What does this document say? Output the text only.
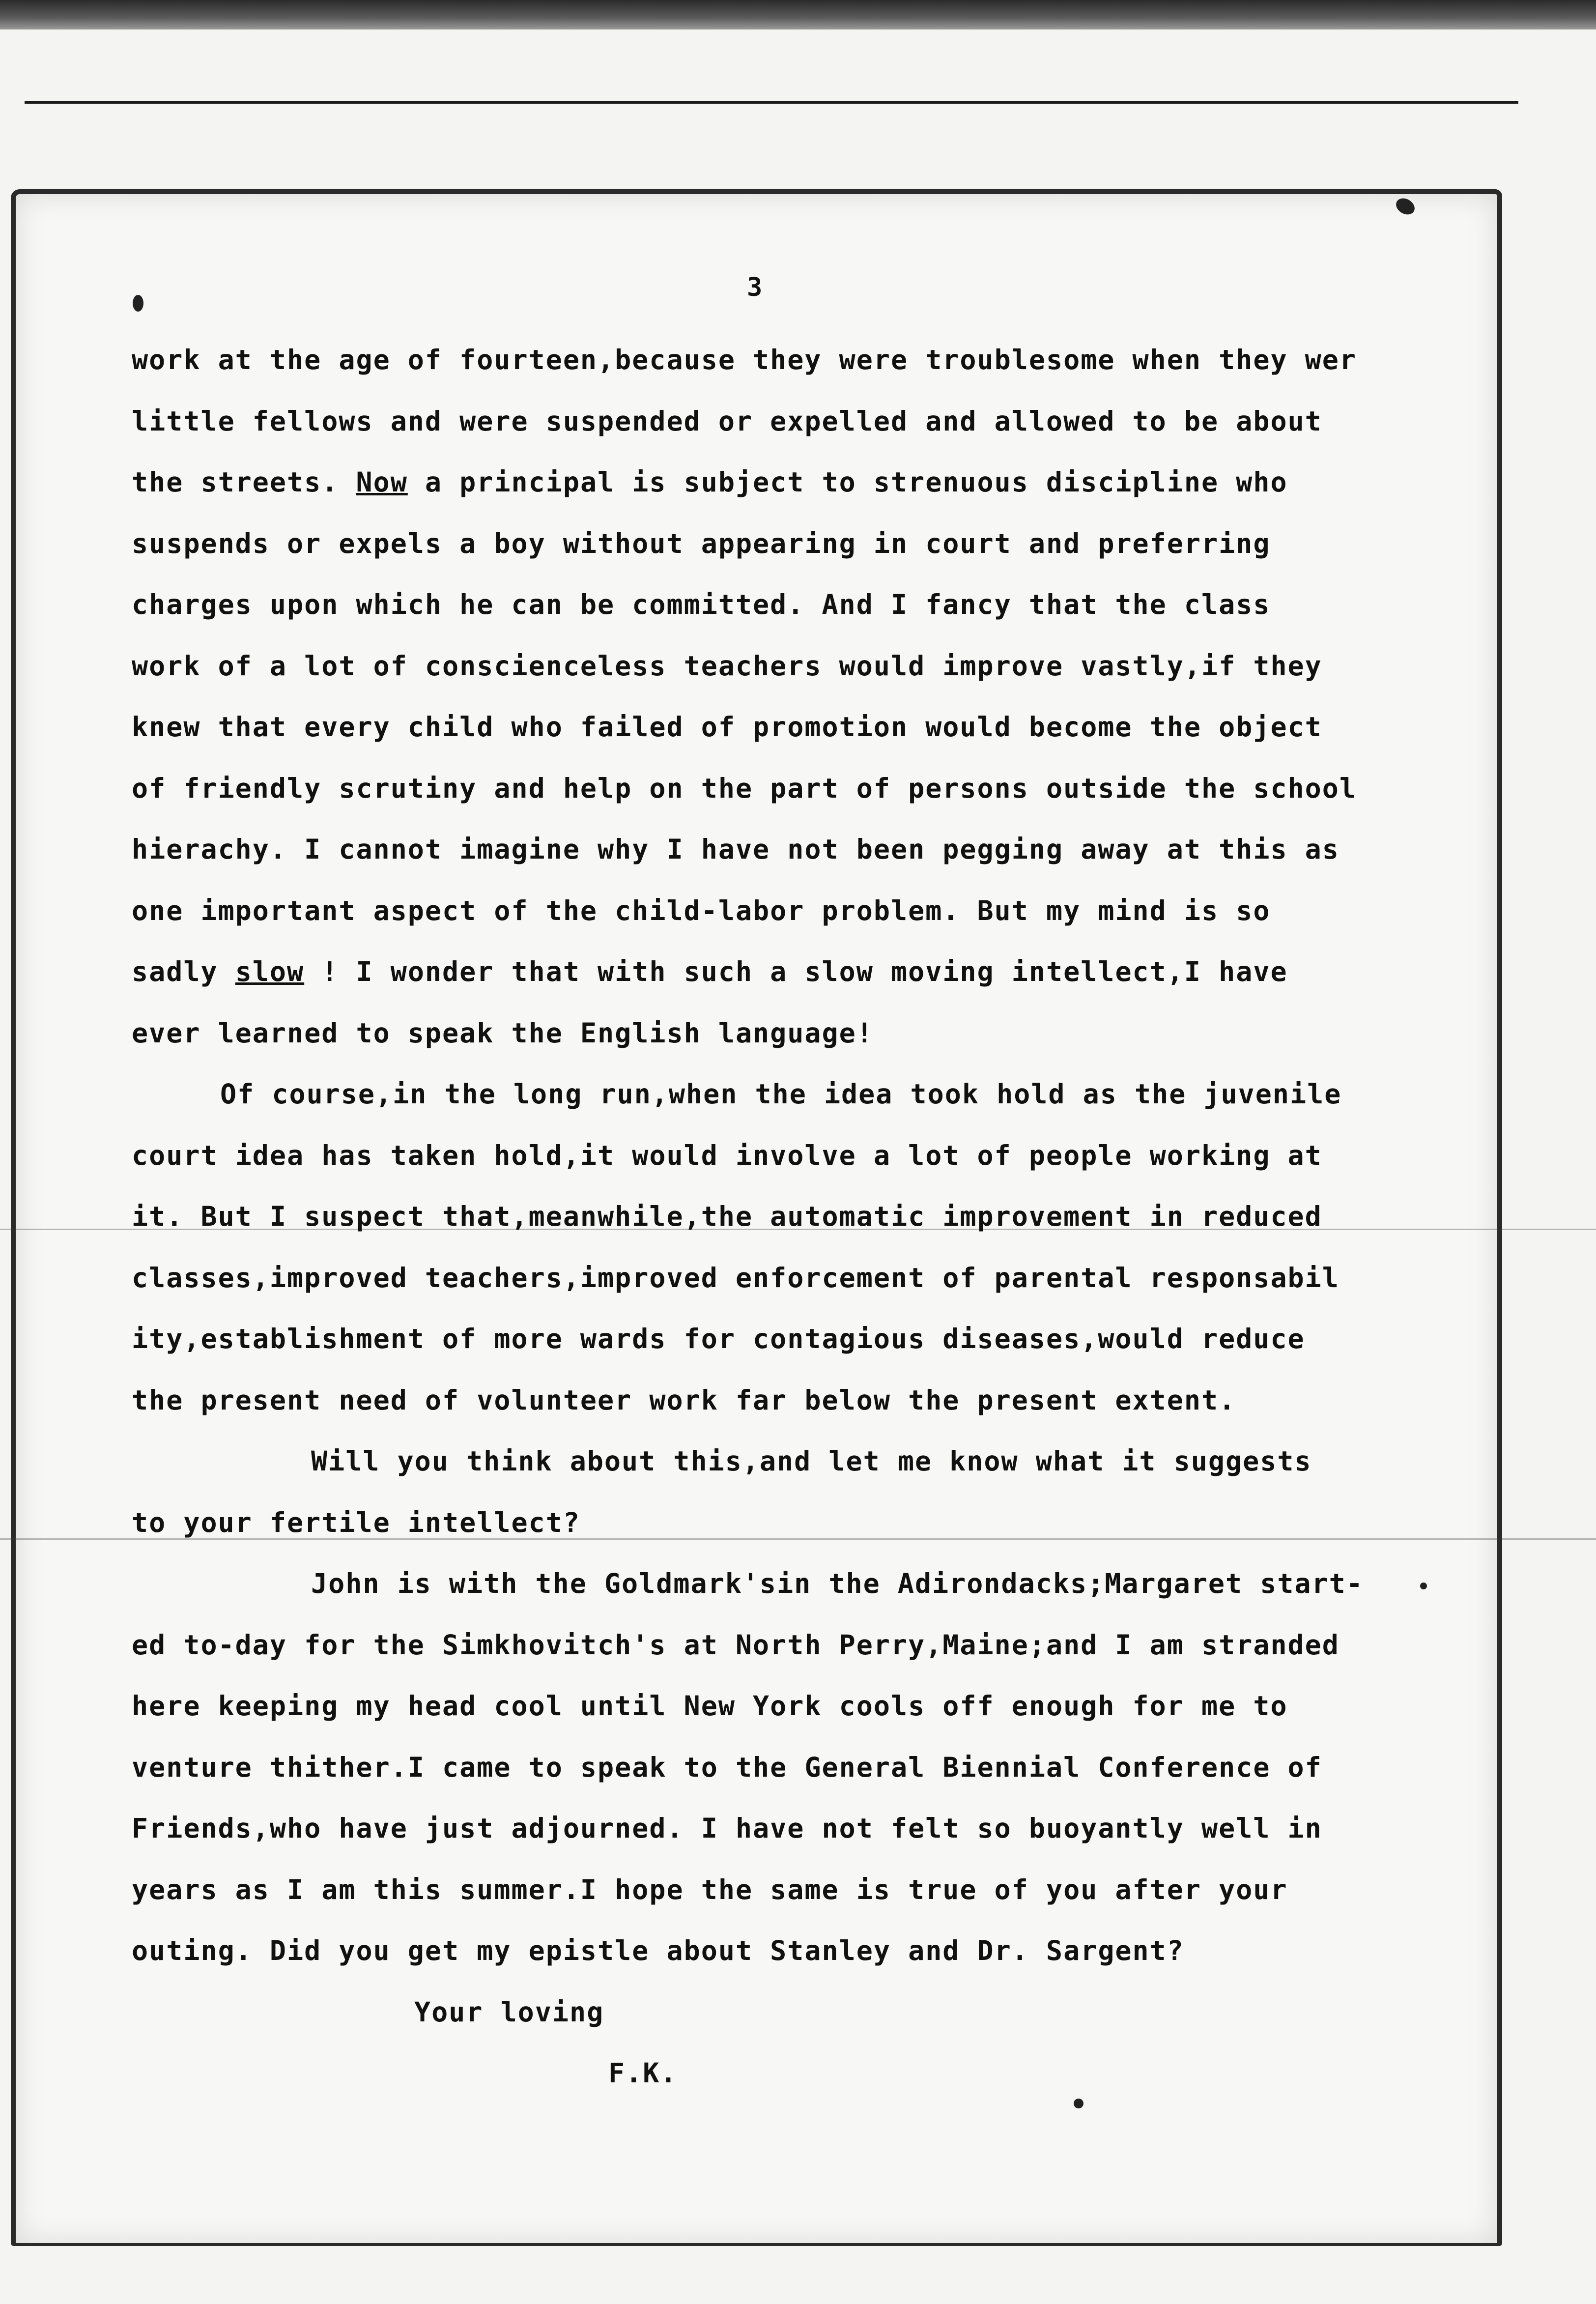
3
work at the age of fourteen,because they were troublesome when they wer
little fellows and were suspended or expelled and allowed to be about
the streets. Now a principal is subject to strenuous discipline who
suspends or expels a boy without appearing in court and preferring
charges upon which he can be committed. And I fancy that the class
work of a lot of conscienceless teachers would improve vastly,if they
knew that every child who failed of promotion would become the object
of friendly scrutiny and help on the part of persons outside the school
hierachy. I cannot imagine why I have not been pegging away at this as
one important aspect of the child-labor problem. But my mind is so
sadly slow ! I wonder that with such a slow moving intellect,I have
ever learned to speak the English language!
Of course,in the long run,when the idea took hold as the juvenile
court idea has taken hold,it would involve a lot of people working at
it. But I suspect that,meanwhile,the automatic improvement in reduced
classes,improved teachers,improved enforcement of parental responsabil
ity,establishment of more wards for contagious diseases,would reduce
the present need of volunteer work far below the present extent.
Will you think about this,and let me know what it suggests
to your fertile intellect?
John is with the Goldmark'sin the Adirondacks;Margaret start-
ed to-day for the Simkhovitch's at North Perry,Maine;and I am stranded
here keeping my head cool until New York cools off enough for me to
venture thither.I came to speak to the General Biennial Conference of
Friends,who have just adjourned. I have not felt so buoyantly well in
years as I am this summer.I hope the same is true of you after your
outing. Did you get my epistle about Stanley and Dr. Sargent?
Your loving
F.K.
